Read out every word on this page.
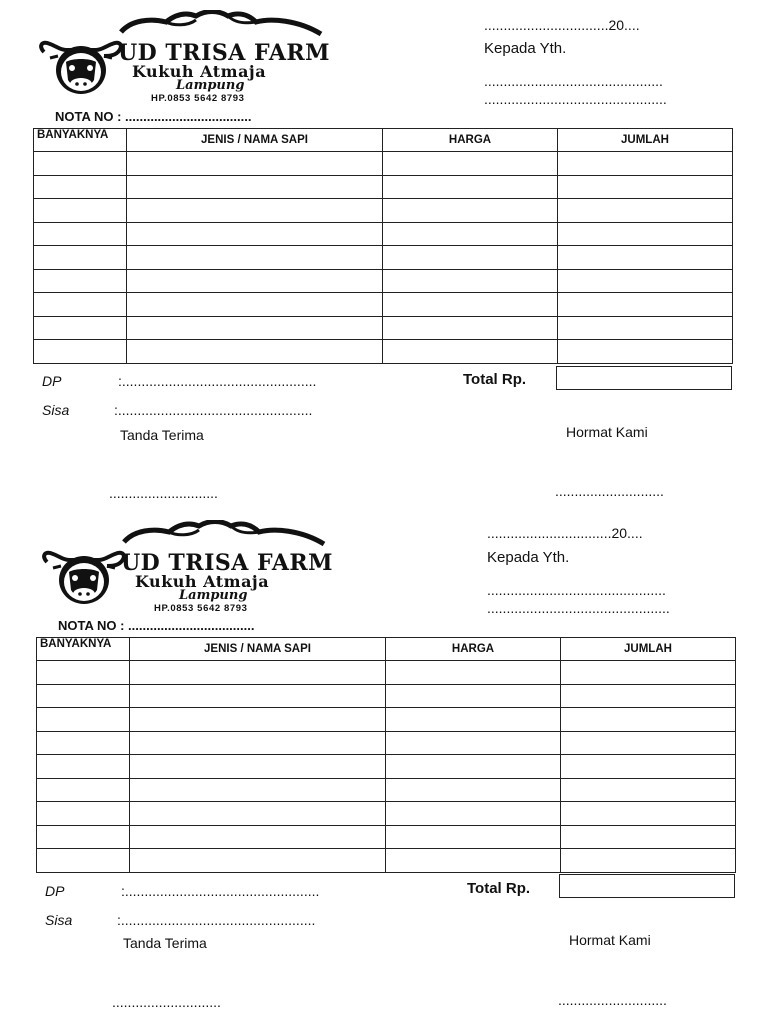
UD TRISA FARM
Kukuh Atmaja
Lampung
HP.0853 5642 8793
................................20....
Kepada Yth.
..............................................
...............................................
NOTA NO : ...................................
BANYAKNYA	JENIS / NAMA SAPI	HARGA	JUMLAH

DP	:..................................................	Total Rp.
Sisa	:..................................................
Tanda Terima	Hormat Kami
............................	............................
UD TRISA FARM
Kukuh Atmaja
Lampung
HP.0853 5642 8793
................................20....
Kepada Yth.
..............................................
...............................................
NOTA NO : ...................................
BANYAKNYA	JENIS / NAMA SAPI	HARGA	JUMLAH

DP	:..................................................	Total Rp.
Sisa	:..................................................
Tanda Terima	Hormat Kami
............................	............................
